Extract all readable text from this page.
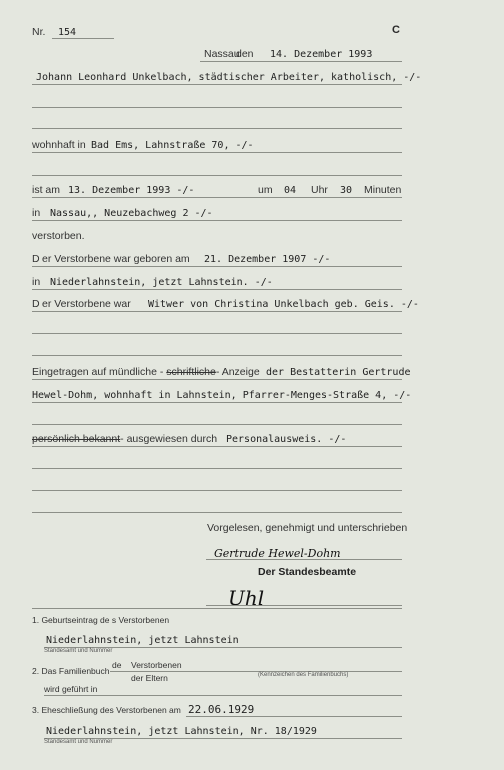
Nr. 154	C
Nassau
den 14. Dezember 1993
Johann Leonhard Unkelbach, städtischer Arbeiter, katholisch, -/-
wohnhaft in Bad Ems, Lahnstraße 70, -/-
ist am 13. Dezember 1993 -/-	um 04 Uhr 30 Minuten
in Nassau,, Neuzebachweg 2 -/-
verstorben.
D er Verstorbene war geboren am 21. Dezember 1907 -/-
in Niederlahnstein, jetzt Lahnstein. -/-
D er Verstorbene war Witwer von Christina Unkelbach geb. Geis. -/-
Eingetragen auf mündliche - schriftliche- Anzeige der Bestatterin Gertrude
Hewel-Dohm, wohnhaft in Lahnstein, Pfarrer-Menges-Straße 4, -/-
persönlich bekannt- ausgewiesen durch Personalausweis. -/-
Vorgelesen, genehmigt und unterschrieben
Gertrude Hewel-Dohm
Der Standesbeamte
Uhl
1. Geburtseintrag de s Verstorbenen
Niederlahnstein, jetzt Lahnstein
Standesamt und Nummer
2. Das Familienbuch
de Verstorbenen
der Eltern	(Kennzeichen des Familienbuchs)
wird geführt in
3. Eheschließung des Verstorbenen am 22.06.1929
Niederlahnstein, jetzt Lahnstein, Nr. 18/1929
Standesamt und Nummer
